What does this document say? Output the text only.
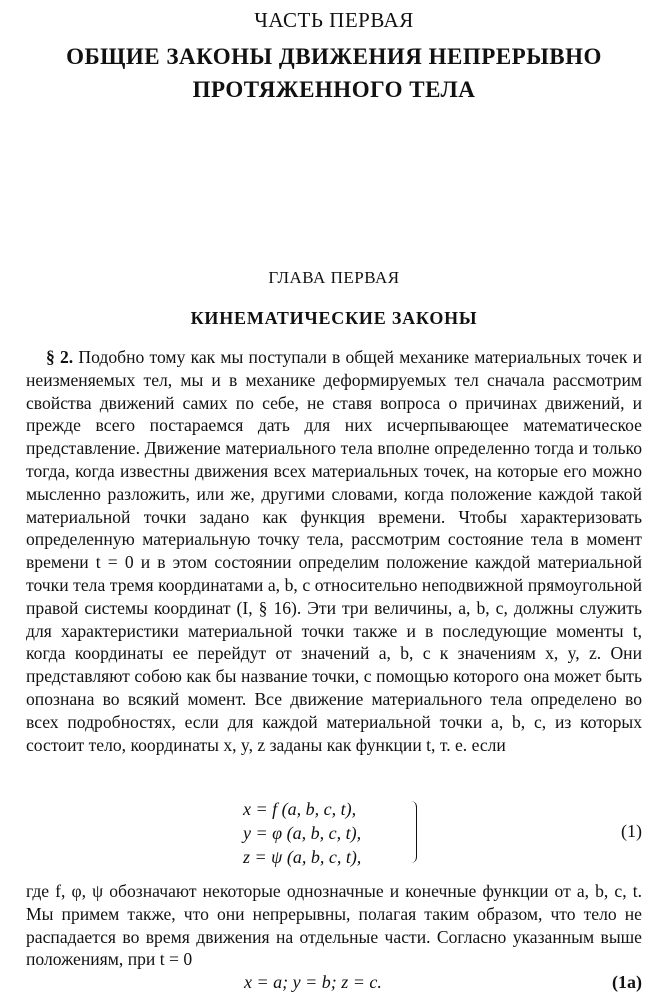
ЧАСТЬ ПЕРВАЯ
ОБЩИЕ ЗАКОНЫ ДВИЖЕНИЯ НЕПРЕРЫВНО
ПРОТЯЖЕННОГО ТЕЛА
ГЛАВА ПЕРВАЯ
КИНЕМАТИЧЕСКИЕ ЗАКОНЫ

§ 2. Подобно тому как мы поступали в общей механике материальных точек и неизменяемых тел, мы и в механике деформируемых тел сначала рассмотрим свойства движений самих по себе, не ставя вопроса о причинах движений, и прежде всего постараемся дать для них исчерпывающее математическое представление. Движение материального тела вполне определенно тогда и только тогда, когда известны движения всех материальных точек, на которые его можно мысленно разложить, или же, другими словами, когда положение каждой такой материальной точки задано как функция времени. Чтобы характеризовать определенную материальную точку тела, рассмотрим состояние тела в момент времени t = 0 и в этом состоянии определим положение каждой материальной точки тела тремя координатами a, b, c относительно неподвижной прямоугольной правой системы координат (I, § 16). Эти три величины, a, b, c, должны служить для характеристики материальной точки также и в последующие моменты t, когда координаты ее перейдут от значений a, b, c к значениям x, y, z. Они представляют собою как бы название точки, с помощью которого она может быть опознана во всякий момент. Все движение материального тела определено во всех подробностях, если для каждой материальной точки a, b, c, из которых состоит тело, координаты x, y, z заданы как функции t, т. е. если

x = f (a, b, c, t),
y = φ (a, b, c, t),
z = ψ (a, b, c, t),
(1)

где f, φ, ψ обозначают некоторые однозначные и конечные функции от a, b, c, t. Мы примем также, что они непрерывны, полагая таким образом, что тело не распадается во время движения на отдельные части. Согласно указанным выше положениям, при t = 0

x = a; y = b; z = c.	(1a)
